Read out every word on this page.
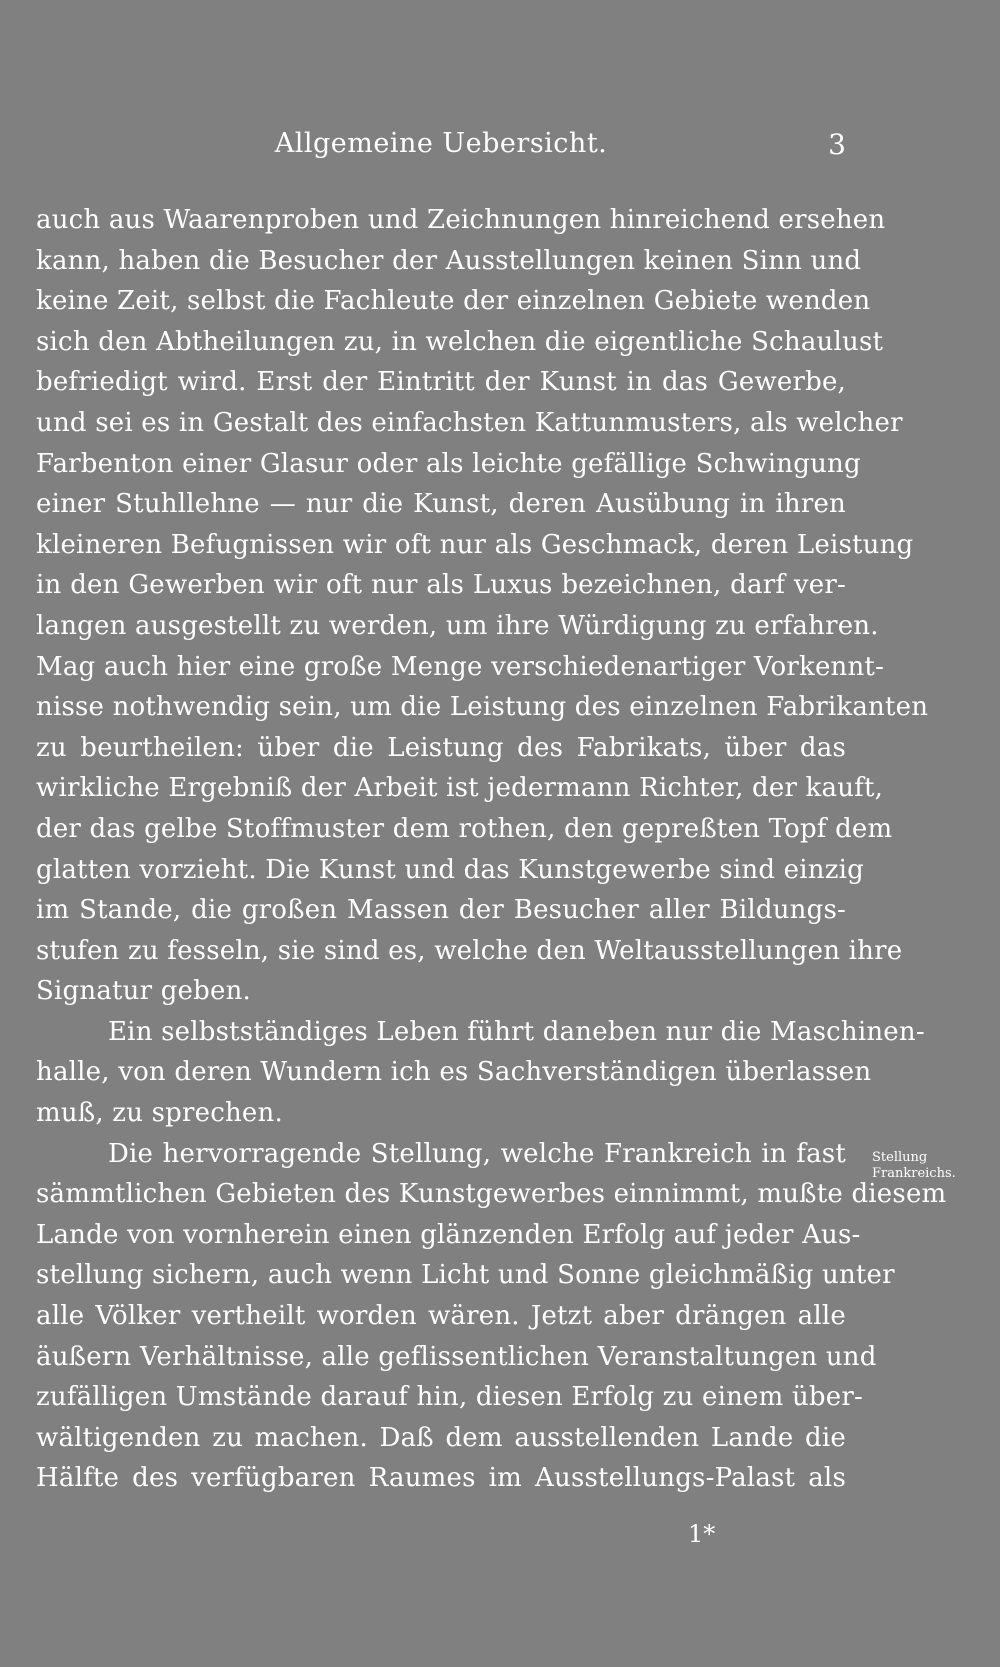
Allgemeine Uebersicht.	3
auch aus Waarenproben und Zeichnungen hinreichend ersehen
kann, haben die Besucher der Ausstellungen keinen Sinn und
keine Zeit, selbst die Fachleute der einzelnen Gebiete wenden
sich den Abtheilungen zu, in welchen die eigentliche Schaulust
befriedigt wird. Erst der Eintritt der Kunst in das Gewerbe,
und sei es in Gestalt des einfachsten Kattunmusters, als welcher
Farbenton einer Glasur oder als leichte gefällige Schwingung
einer Stuhllehne — nur die Kunst, deren Ausübung in ihren
kleineren Befugnissen wir oft nur als Geschmack, deren Leistung
in den Gewerben wir oft nur als Luxus bezeichnen, darf ver-
langen ausgestellt zu werden, um ihre Würdigung zu erfahren.
Mag auch hier eine große Menge verschiedenartiger Vorkennt-
nisse nothwendig sein, um die Leistung des einzelnen Fabrikanten
zu beurtheilen: über die Leistung des Fabrikats, über das
wirkliche Ergebniß der Arbeit ist jedermann Richter, der kauft,
der das gelbe Stoffmuster dem rothen, den gepreßten Topf dem
glatten vorzieht. Die Kunst und das Kunstgewerbe sind einzig
im Stande, die großen Massen der Besucher aller Bildungs-
stufen zu fesseln, sie sind es, welche den Weltausstellungen ihre
Signatur geben.
Ein selbstständiges Leben führt daneben nur die Maschinen-
halle, von deren Wundern ich es Sachverständigen überlassen
muß, zu sprechen.
Die hervorragende Stellung, welche Frankreich in fast
sämmtlichen Gebieten des Kunstgewerbes einnimmt, mußte diesem
Lande von vornherein einen glänzenden Erfolg auf jeder Aus-
stellung sichern, auch wenn Licht und Sonne gleichmäßig unter
alle Völker vertheilt worden wären. Jetzt aber drängen alle
äußern Verhältnisse, alle geflissentlichen Veranstaltungen und
zufälligen Umstände darauf hin, diesen Erfolg zu einem über-
wältigenden zu machen. Daß dem ausstellenden Lande die
Hälfte des verfügbaren Raumes im Ausstellungs-Palast als
Stellung
Frankreichs.
1*
